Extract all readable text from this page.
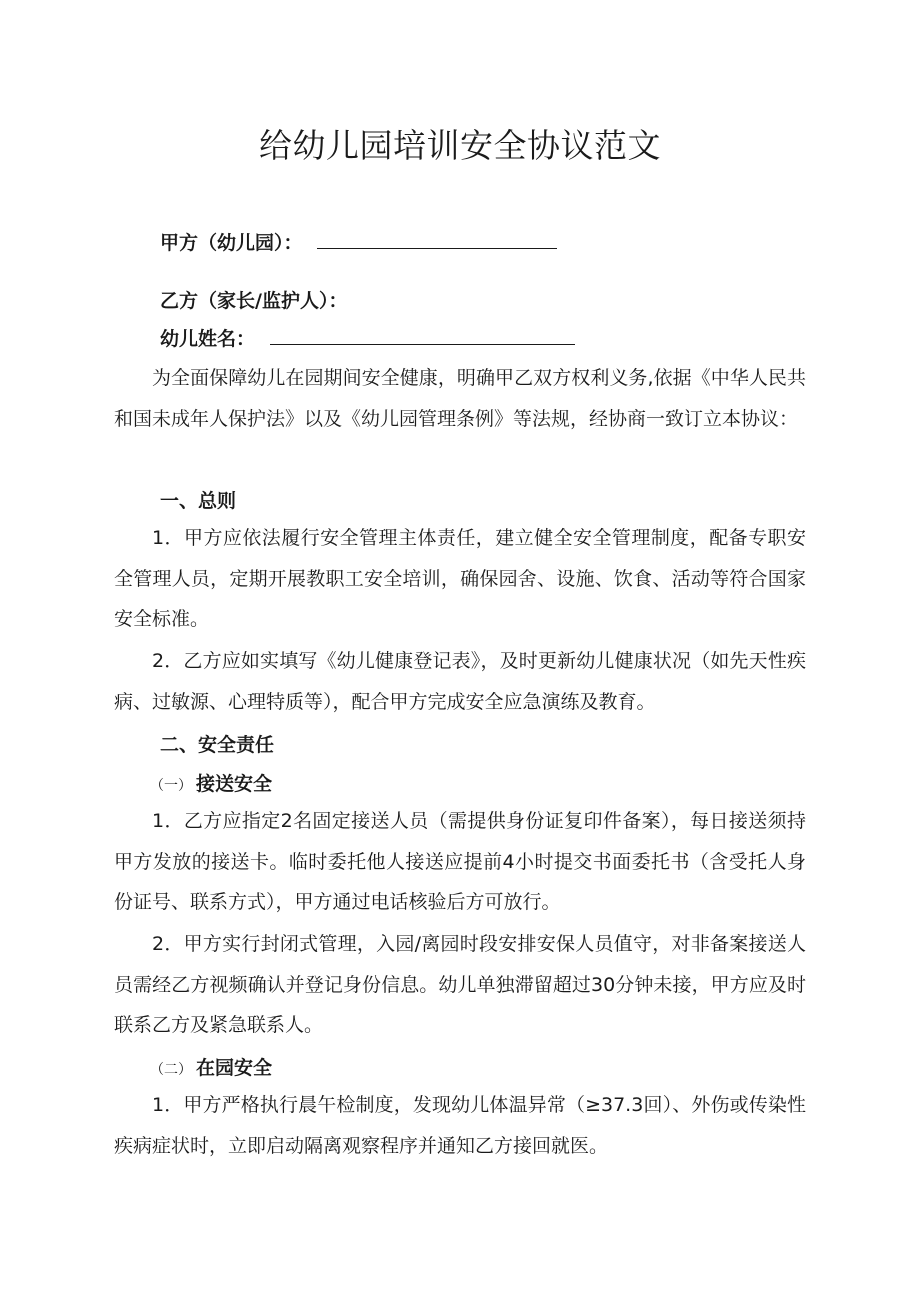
给幼儿园培训安全协议范文
甲方（幼儿园）：
乙方（家长/监护人）：
幼儿姓名：

为全面保障幼儿在园期间安全健康，明确甲乙双方权利义务,依据《中华人民共和国未成年人保护法》以及《幼儿园管理条例》等法规，经协商一致订立本协议：

一、总则

1．甲方应依法履行安全管理主体责任，建立健全安全管理制度，配备专职安全管理人员，定期开展教职工安全培训，确保园舍、设施、饮食、活动等符合国家安全标准。

2．乙方应如实填写《幼儿健康登记表》，及时更新幼儿健康状况（如先天性疾病、过敏源、心理特质等），配合甲方完成安全应急演练及教育。

二、安全责任
（一） 接送安全

1．乙方应指定2名固定接送人员（需提供身份证复印件备案），每日接送须持甲方发放的接送卡。临时委托他人接送应提前4小时提交书面委托书（含受托人身份证号、联系方式），甲方通过电话核验后方可放行。

2．甲方实行封闭式管理，入园/离园时段安排安保人员值守，对非备案接送人员需经乙方视频确认并登记身份信息。幼儿单独滞留超过30分钟未接，甲方应及时联系乙方及紧急联系人。

（二） 在园安全

1．甲方严格执行晨午检制度，发现幼儿体温异常（≥37.3回）、外伤或传染性疾病症状时，立即启动隔离观察程序并通知乙方接回就医。
